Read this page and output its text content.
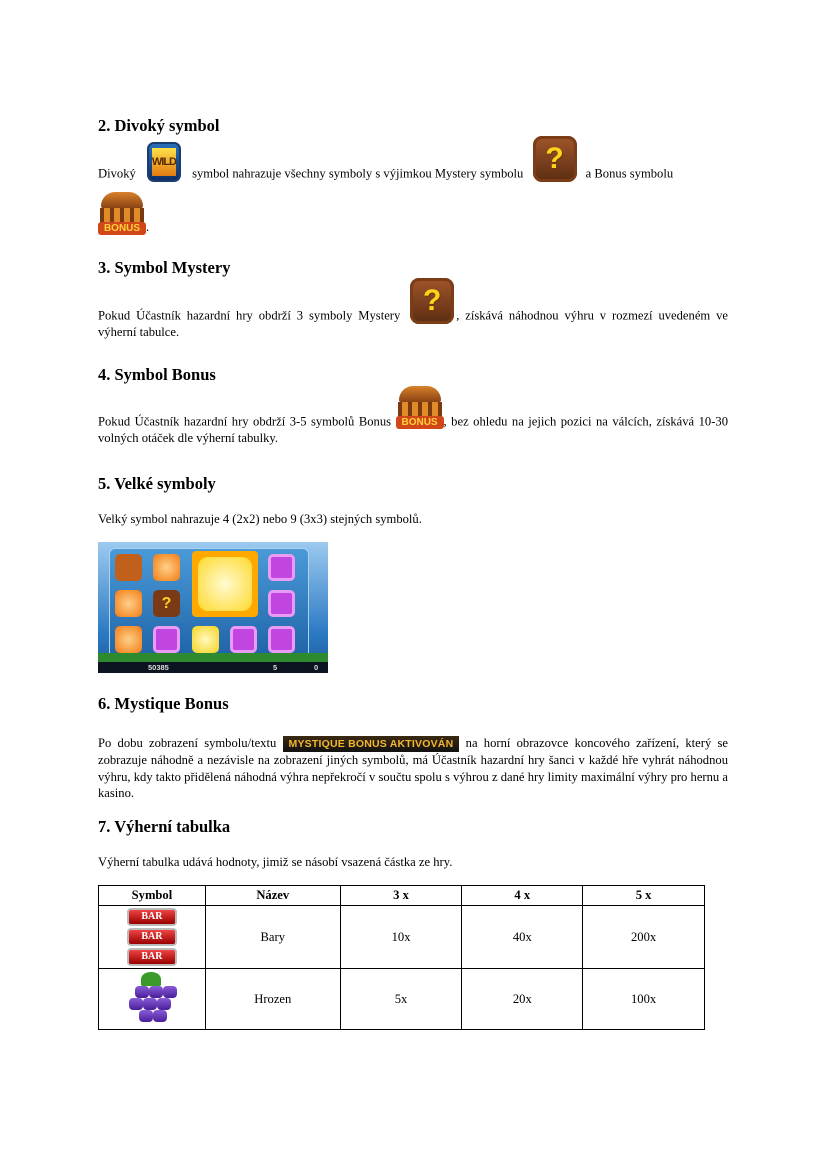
2. Divoký symbol
Divoký
WILD
symbol nahrazuje všechny symboly s výjimkou Mystery symbolu ?	a Bonus symbolu
BONUS .
3. Symbol Mystery
Pokud Účastník hazardní hry obdrží 3 symboly Mystery ?	, získává náhodnou výhru v rozmezí uvedeném ve výherní tabulce.
4. Symbol Bonus
Pokud Účastník hazardní hry obdrží 3-5 symbolů Bonus	BONUS , bez ohledu na jejich pozici na válcích, získává 10-30 volných otáček dle výherní tabulky.
5. Velké symboly
Velký symbol nahrazuje 4 (2x2) nebo 9 (3x3) stejných symbolů.
?
50385	5	0
6. Mystique Bonus
Po dobu zobrazení symbolu/textu MYSTIQUE BONUS AKTIVOVÁN na horní obrazovce koncového zařízení, který se zobrazuje náhodně a nezávisle na zobrazení jiných symbolů, má Účastník hazardní hry šanci v každé hře vyhrát náhodnou výhru, kdy takto přidělená náhodná výhra nepřekročí v součtu spolu s výhrou z dané hry limity maximální výhry pro hernu a kasino.
7. Výherní tabulka
Výherní tabulka udává hodnoty, jimiž se násobí vsazená částka ze hry.
Symbol	Název	3 x	4 x	5 x

BAR
BAR
BAR	Bary	10x	40x	200x

	Hrozen	5x	20x	100x
